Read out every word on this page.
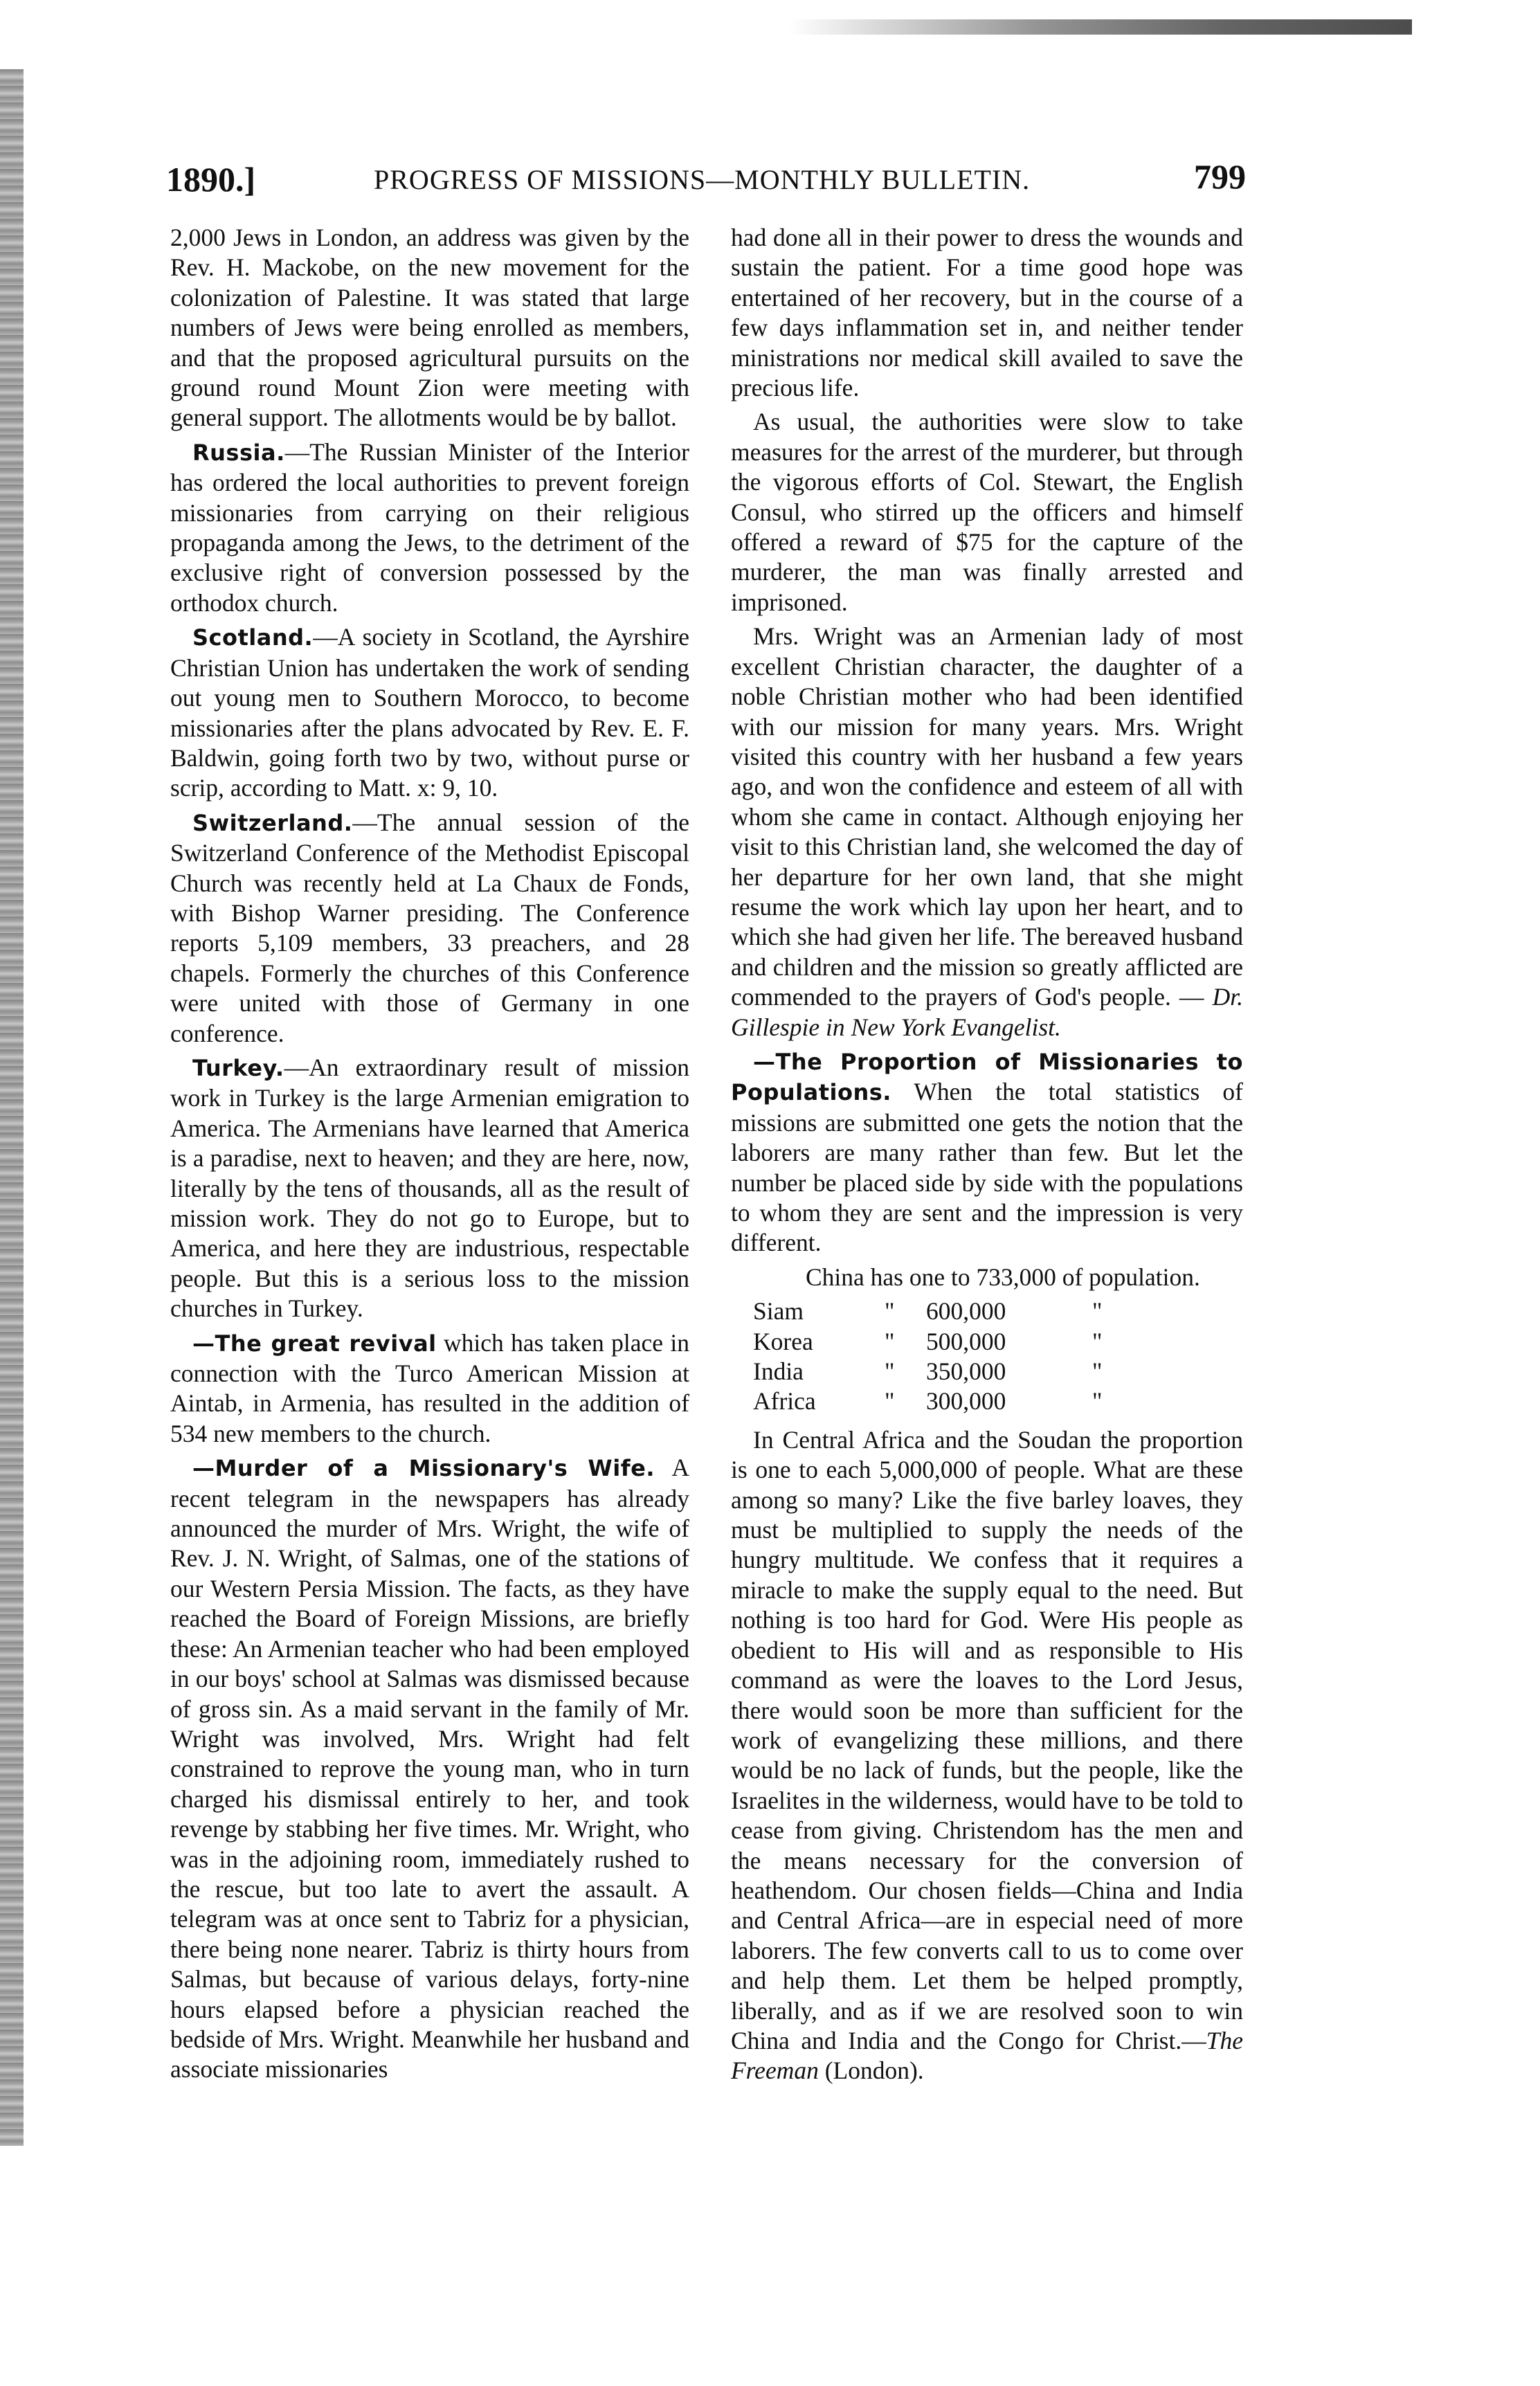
1890.]	PROGRESS OF MISSIONS—MONTHLY BULLETIN.	799

2,000 Jews in London, an address was given by the Rev. H. Mackobe, on the new movement for the colonization of Palestine. It was stated that large numbers of Jews were being enrolled as members, and that the proposed agricultural pursuits on the ground round Mount Zion were meeting with general support. The allotments would be by ballot.

Russia.—The Russian Minister of the Interior has ordered the local authorities to prevent foreign missionaries from carrying on their religious propaganda among the Jews, to the detriment of the exclusive right of conversion possessed by the orthodox church.

Scotland.—A society in Scotland, the Ayrshire Christian Union has undertaken the work of sending out young men to Southern Morocco, to become missionaries after the plans advocated by Rev. E. F. Baldwin, going forth two by two, without purse or scrip, according to Matt. x: 9, 10.

Switzerland.—The annual session of the Switzerland Conference of the Methodist Episcopal Church was recently held at La Chaux de Fonds, with Bishop Warner presiding. The Conference reports 5,109 members, 33 preachers, and 28 chapels. Formerly the churches of this Conference were united with those of Germany in one conference.

Turkey.—An extraordinary result of mission work in Turkey is the large Armenian emigration to America. The Armenians have learned that America is a paradise, next to heaven; and they are here, now, literally by the tens of thousands, all as the result of mission work. They do not go to Europe, but to America, and here they are industrious, respectable people. But this is a serious loss to the mission churches in Turkey.

—The great revival which has taken place in connection with the Turco American Mission at Aintab, in Armenia, has resulted in the addition of 534 new members to the church.

—Murder of a Missionary's Wife. A recent telegram in the newspapers has already announced the murder of Mrs. Wright, the wife of Rev. J. N. Wright, of Salmas, one of the stations of our Western Persia Mission. The facts, as they have reached the Board of Foreign Missions, are briefly these: An Armenian teacher who had been employed in our boys' school at Salmas was dismissed because of gross sin. As a maid servant in the family of Mr. Wright was involved, Mrs. Wright had felt constrained to reprove the young man, who in turn charged his dismissal entirely to her, and took revenge by stabbing her five times. Mr. Wright, who was in the adjoining room, immediately rushed to the rescue, but too late to avert the assault. A telegram was at once sent to Tabriz for a physician, there being none nearer. Tabriz is thirty hours from Salmas, but because of various delays, forty-nine hours elapsed before a physician reached the bedside of Mrs. Wright. Meanwhile her husband and associate missionaries

had done all in their power to dress the wounds and sustain the patient. For a time good hope was entertained of her recovery, but in the course of a few days inflammation set in, and neither tender ministrations nor medical skill availed to save the precious life.

As usual, the authorities were slow to take measures for the arrest of the murderer, but through the vigorous efforts of Col. Stewart, the English Consul, who stirred up the officers and himself offered a reward of $75 for the capture of the murderer, the man was finally arrested and imprisoned.

Mrs. Wright was an Armenian lady of most excellent Christian character, the daughter of a noble Christian mother who had been identified with our mission for many years. Mrs. Wright visited this country with her husband a few years ago, and won the confidence and esteem of all with whom she came in contact. Although enjoying her visit to this Christian land, she welcomed the day of her departure for her own land, that she might resume the work which lay upon her heart, and to which she had given her life. The bereaved husband and children and the mission so greatly afflicted are commended to the prayers of God's people. — Dr. Gillespie in New York Evangelist.

—The Proportion of Missionaries to Populations. When the total statistics of missions are submitted one gets the notion that the laborers are many rather than few. But let the number be placed side by side with the populations to whom they are sent and the impression is very different.

China has one to 733,000 of population.

Siam	"	600,000	"
Korea	"	500,000	"
India	"	350,000	"
Africa	"	300,000	"

In Central Africa and the Soudan the proportion is one to each 5,000,000 of people. What are these among so many? Like the five barley loaves, they must be multiplied to supply the needs of the hungry multitude. We confess that it requires a miracle to make the supply equal to the need. But nothing is too hard for God. Were His people as obedient to His will and as responsible to His command as were the loaves to the Lord Jesus, there would soon be more than sufficient for the work of evangelizing these millions, and there would be no lack of funds, but the people, like the Israelites in the wilderness, would have to be told to cease from giving. Christendom has the men and the means necessary for the conversion of heathendom. Our chosen fields—China and India and Central Africa—are in especial need of more laborers. The few converts call to us to come over and help them. Let them be helped promptly, liberally, and as if we are resolved soon to win China and India and the Congo for Christ.—The Freeman (London).
